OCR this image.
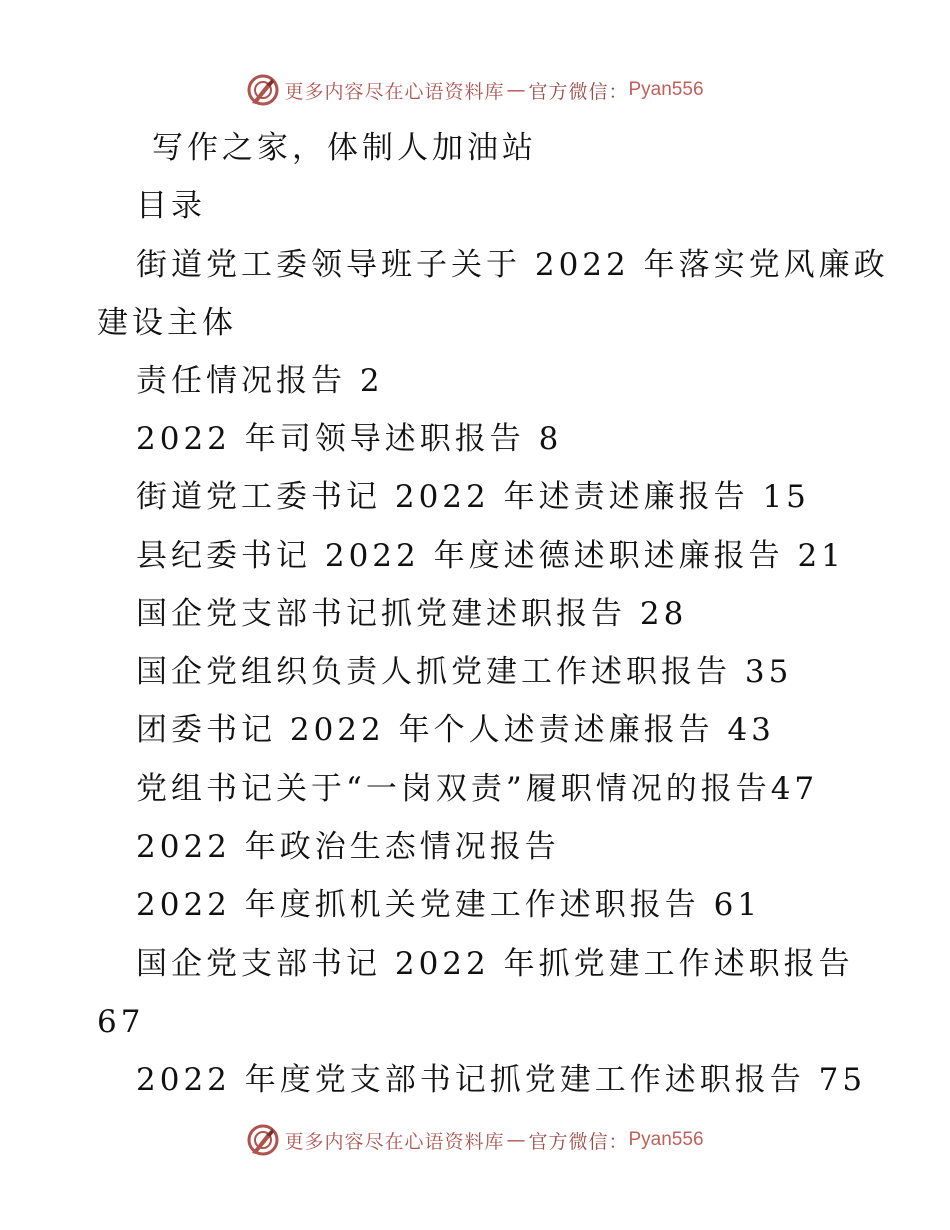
更多内容尽在心语资料库 — 官方微信： Pyan556
写作之家，体制人加油站
目录
街道党工委领导班子关于 2022 年落实党风廉政
建设主体
责任情况报告 2
2022 年司领导述职报告 8
街道党工委书记 2022 年述责述廉报告 15
县纪委书记 2022 年度述德述职述廉报告 21
国企党支部书记抓党建述职报告 28
国企党组织负责人抓党建工作述职报告 35
团委书记 2022 年个人述责述廉报告 43
党组书记关于“一岗双责”履职情况的报告47
2022 年政治生态情况报告
2022 年度抓机关党建工作述职报告 61
国企党支部书记 2022 年抓党建工作述职报告
67
2022 年度党支部书记抓党建工作述职报告 75
更多内容尽在心语资料库 — 官方微信： Pyan556
